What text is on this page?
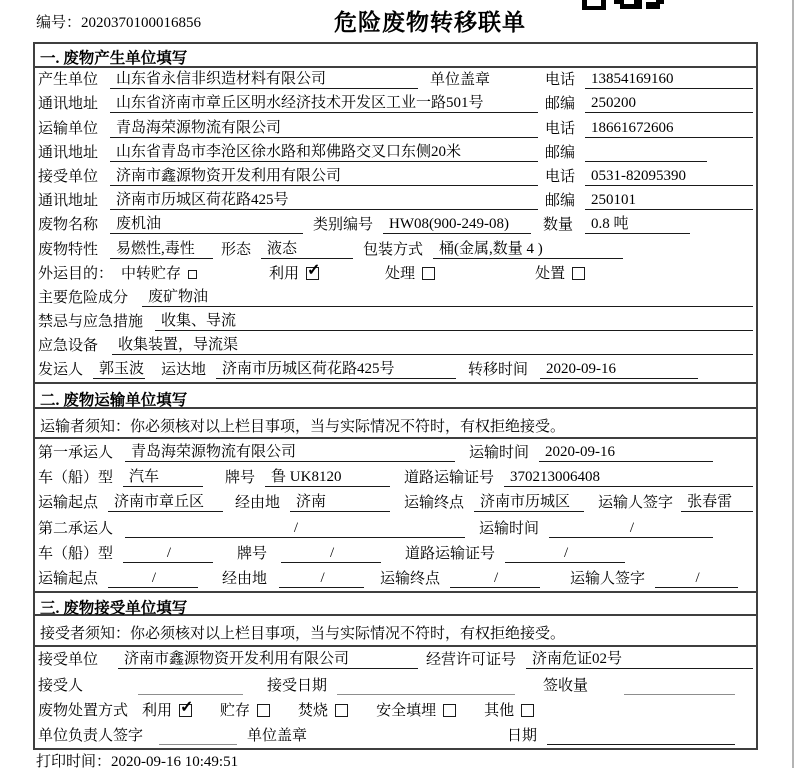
编号：2020370100016856	危险废物转移联单
一. 废物产生单位填写
产生单位	山东省永信非织造材料有限公司	单位盖章	电话	13854169160
通讯地址	山东省济南市章丘区明水经济技术开发区工业一路501号	邮编	250200
运输单位	青岛海荣源物流有限公司	电话	18661672606
通讯地址	山东省青岛市李沧区徐水路和郑佛路交叉口东侧20米	邮编
接受单位	济南市鑫源物资开发利用有限公司	电话	0531-82095390
通讯地址	济南市历城区荷花路425号	邮编	250101
废物名称	废机油	类别编号	HW08(900-249-08)	数量	0.8 吨
废物特性	易燃性,毒性	形态	液态	包装方式	桶(金属,数量 4 )
外运目的： 中转贮存	利用 ✓	处理	处置
主要危险成分	废矿物油
禁忌与应急措施	收集、导流
应急设备	收集装置，导流渠
发运人	郭玉波 运达地	济南市历城区荷花路425号	转移时间	2020-09-16
二. 废物运输单位填写
运输者须知：你必须核对以上栏目事项，当与实际情况不符时，有权拒绝接受。
第一承运人	青岛海荣源物流有限公司	运输时间	2020-09-16
车（船）型	汽车	牌号	鲁 UK8120	道路运输证号	370213006408
运输起点	济南市章丘区	经由地	济南	运输终点	济南市历城区	运输人签字 张春雷
第二承运人	/	运输时间	/
车（船）型	/	牌号	/	道路运输证号	/
运输起点	/	经由地	/	运输终点	/	运输人签字	/
三. 废物接受单位填写
接受者须知：你必须核对以上栏目事项，当与实际情况不符时，有权拒绝接受。
接受单位	济南市鑫源物资开发利用有限公司	经营许可证号	济南危证02号
接受人	接受日期	签收量
废物处置方式 利用 ✓	贮存	焚烧	安全填埋	其他
单位负责人签字	单位盖章	日期
打印时间：2020-09-16 10:49:51
